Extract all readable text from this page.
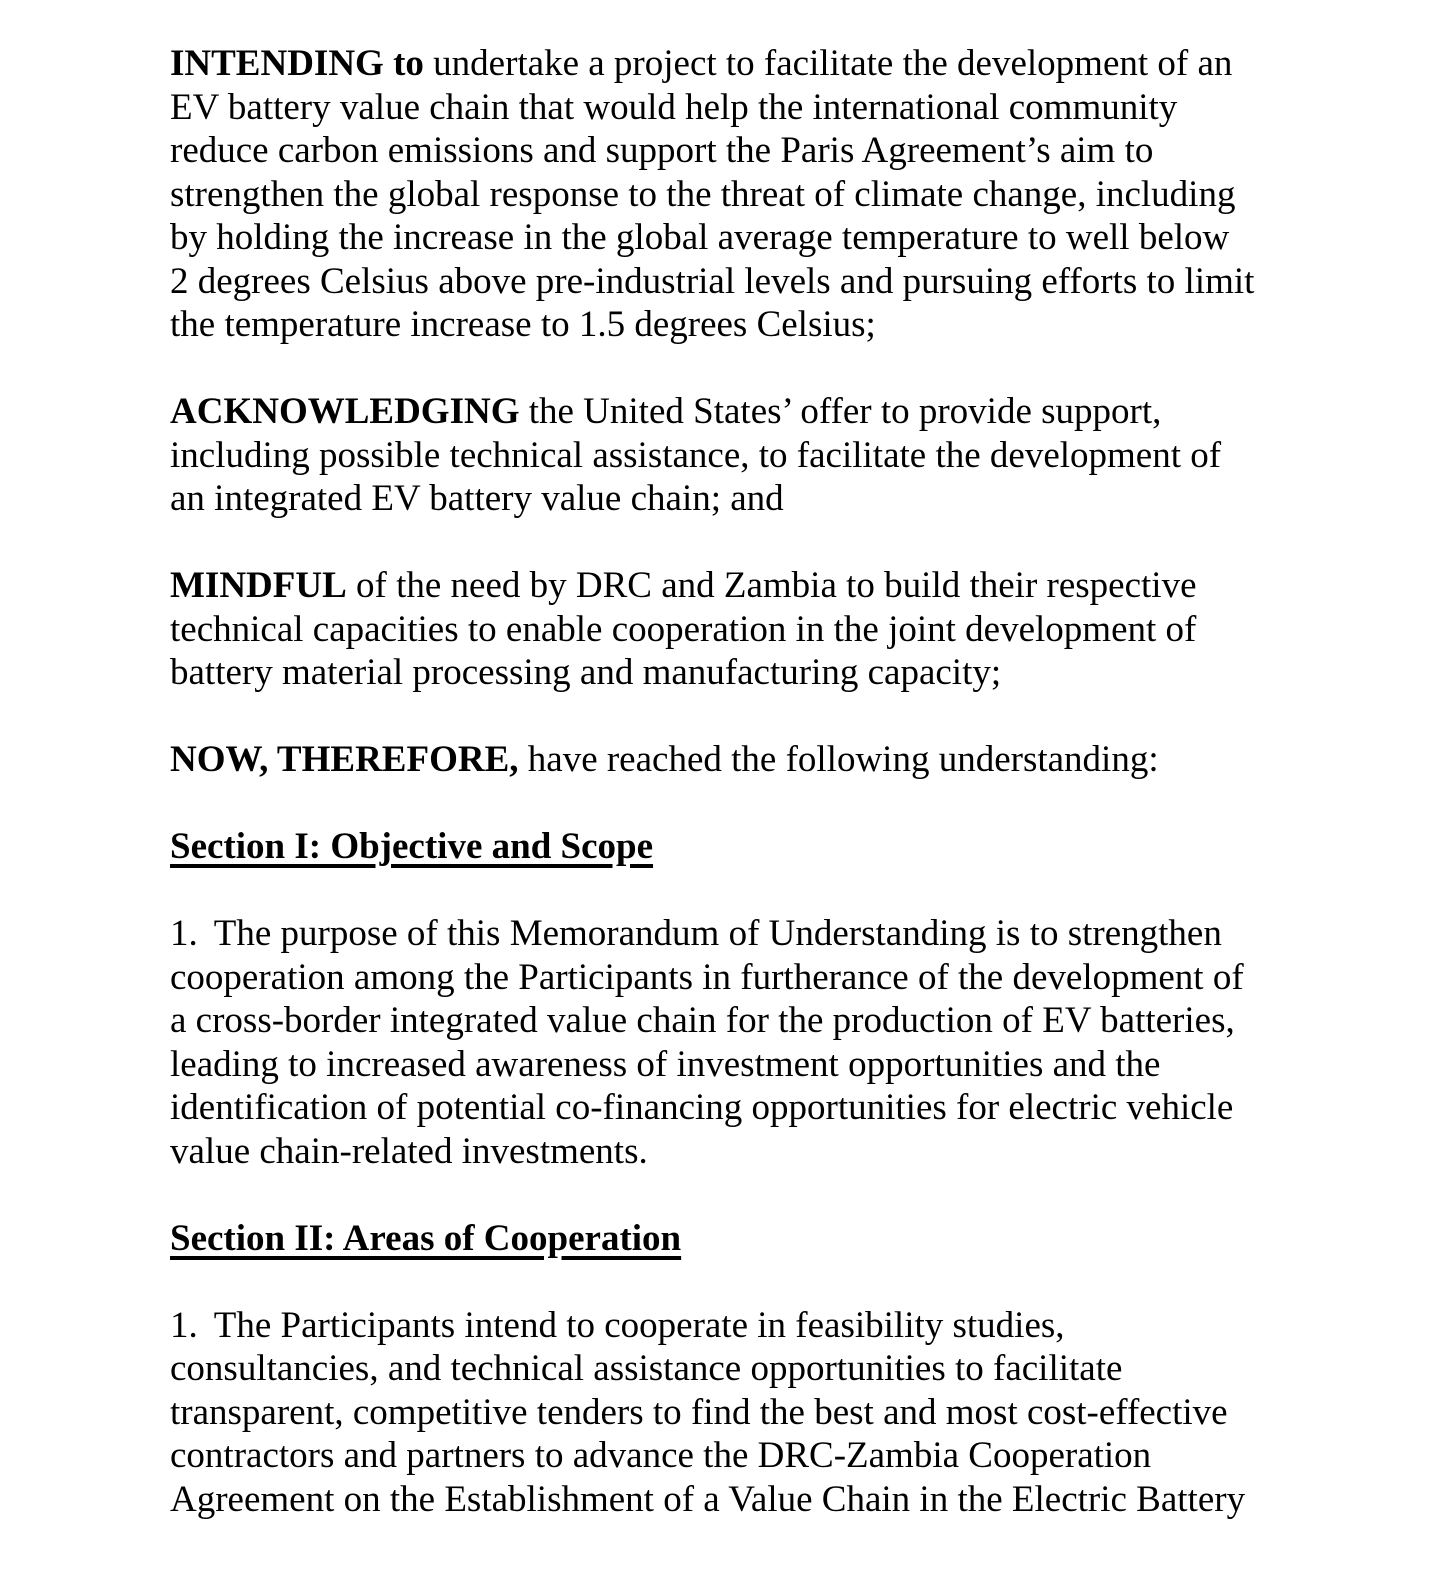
INTENDING to undertake a project to facilitate the development of an EV battery value chain that would help the international community reduce carbon emissions and support the Paris Agreement’s aim to strengthen the global response to the threat of climate change, including by holding the increase in the global average temperature to well below 2 degrees Celsius above pre-industrial levels and pursuing efforts to limit the temperature increase to 1.5 degrees Celsius;

ACKNOWLEDGING the United States’ offer to provide support, including possible technical assistance, to facilitate the development of an integrated EV battery value chain; and

MINDFUL of the need by DRC and Zambia to build their respective technical capacities to enable cooperation in the joint development of battery material processing and manufacturing capacity;

NOW, THEREFORE, have reached the following understanding:

Section I: Objective and Scope

1. The purpose of this Memorandum of Understanding is to strengthen cooperation among the Participants in furtherance of the development of a cross-border integrated value chain for the production of EV batteries, leading to increased awareness of investment opportunities and the identification of potential co-financing opportunities for electric vehicle value chain-related investments.

Section II: Areas of Cooperation

1. The Participants intend to cooperate in feasibility studies, consultancies, and technical assistance opportunities to facilitate transparent, competitive tenders to find the best and most cost-effective contractors and partners to advance the DRC-Zambia Cooperation Agreement on the Establishment of a Value Chain in the Electric Battery
